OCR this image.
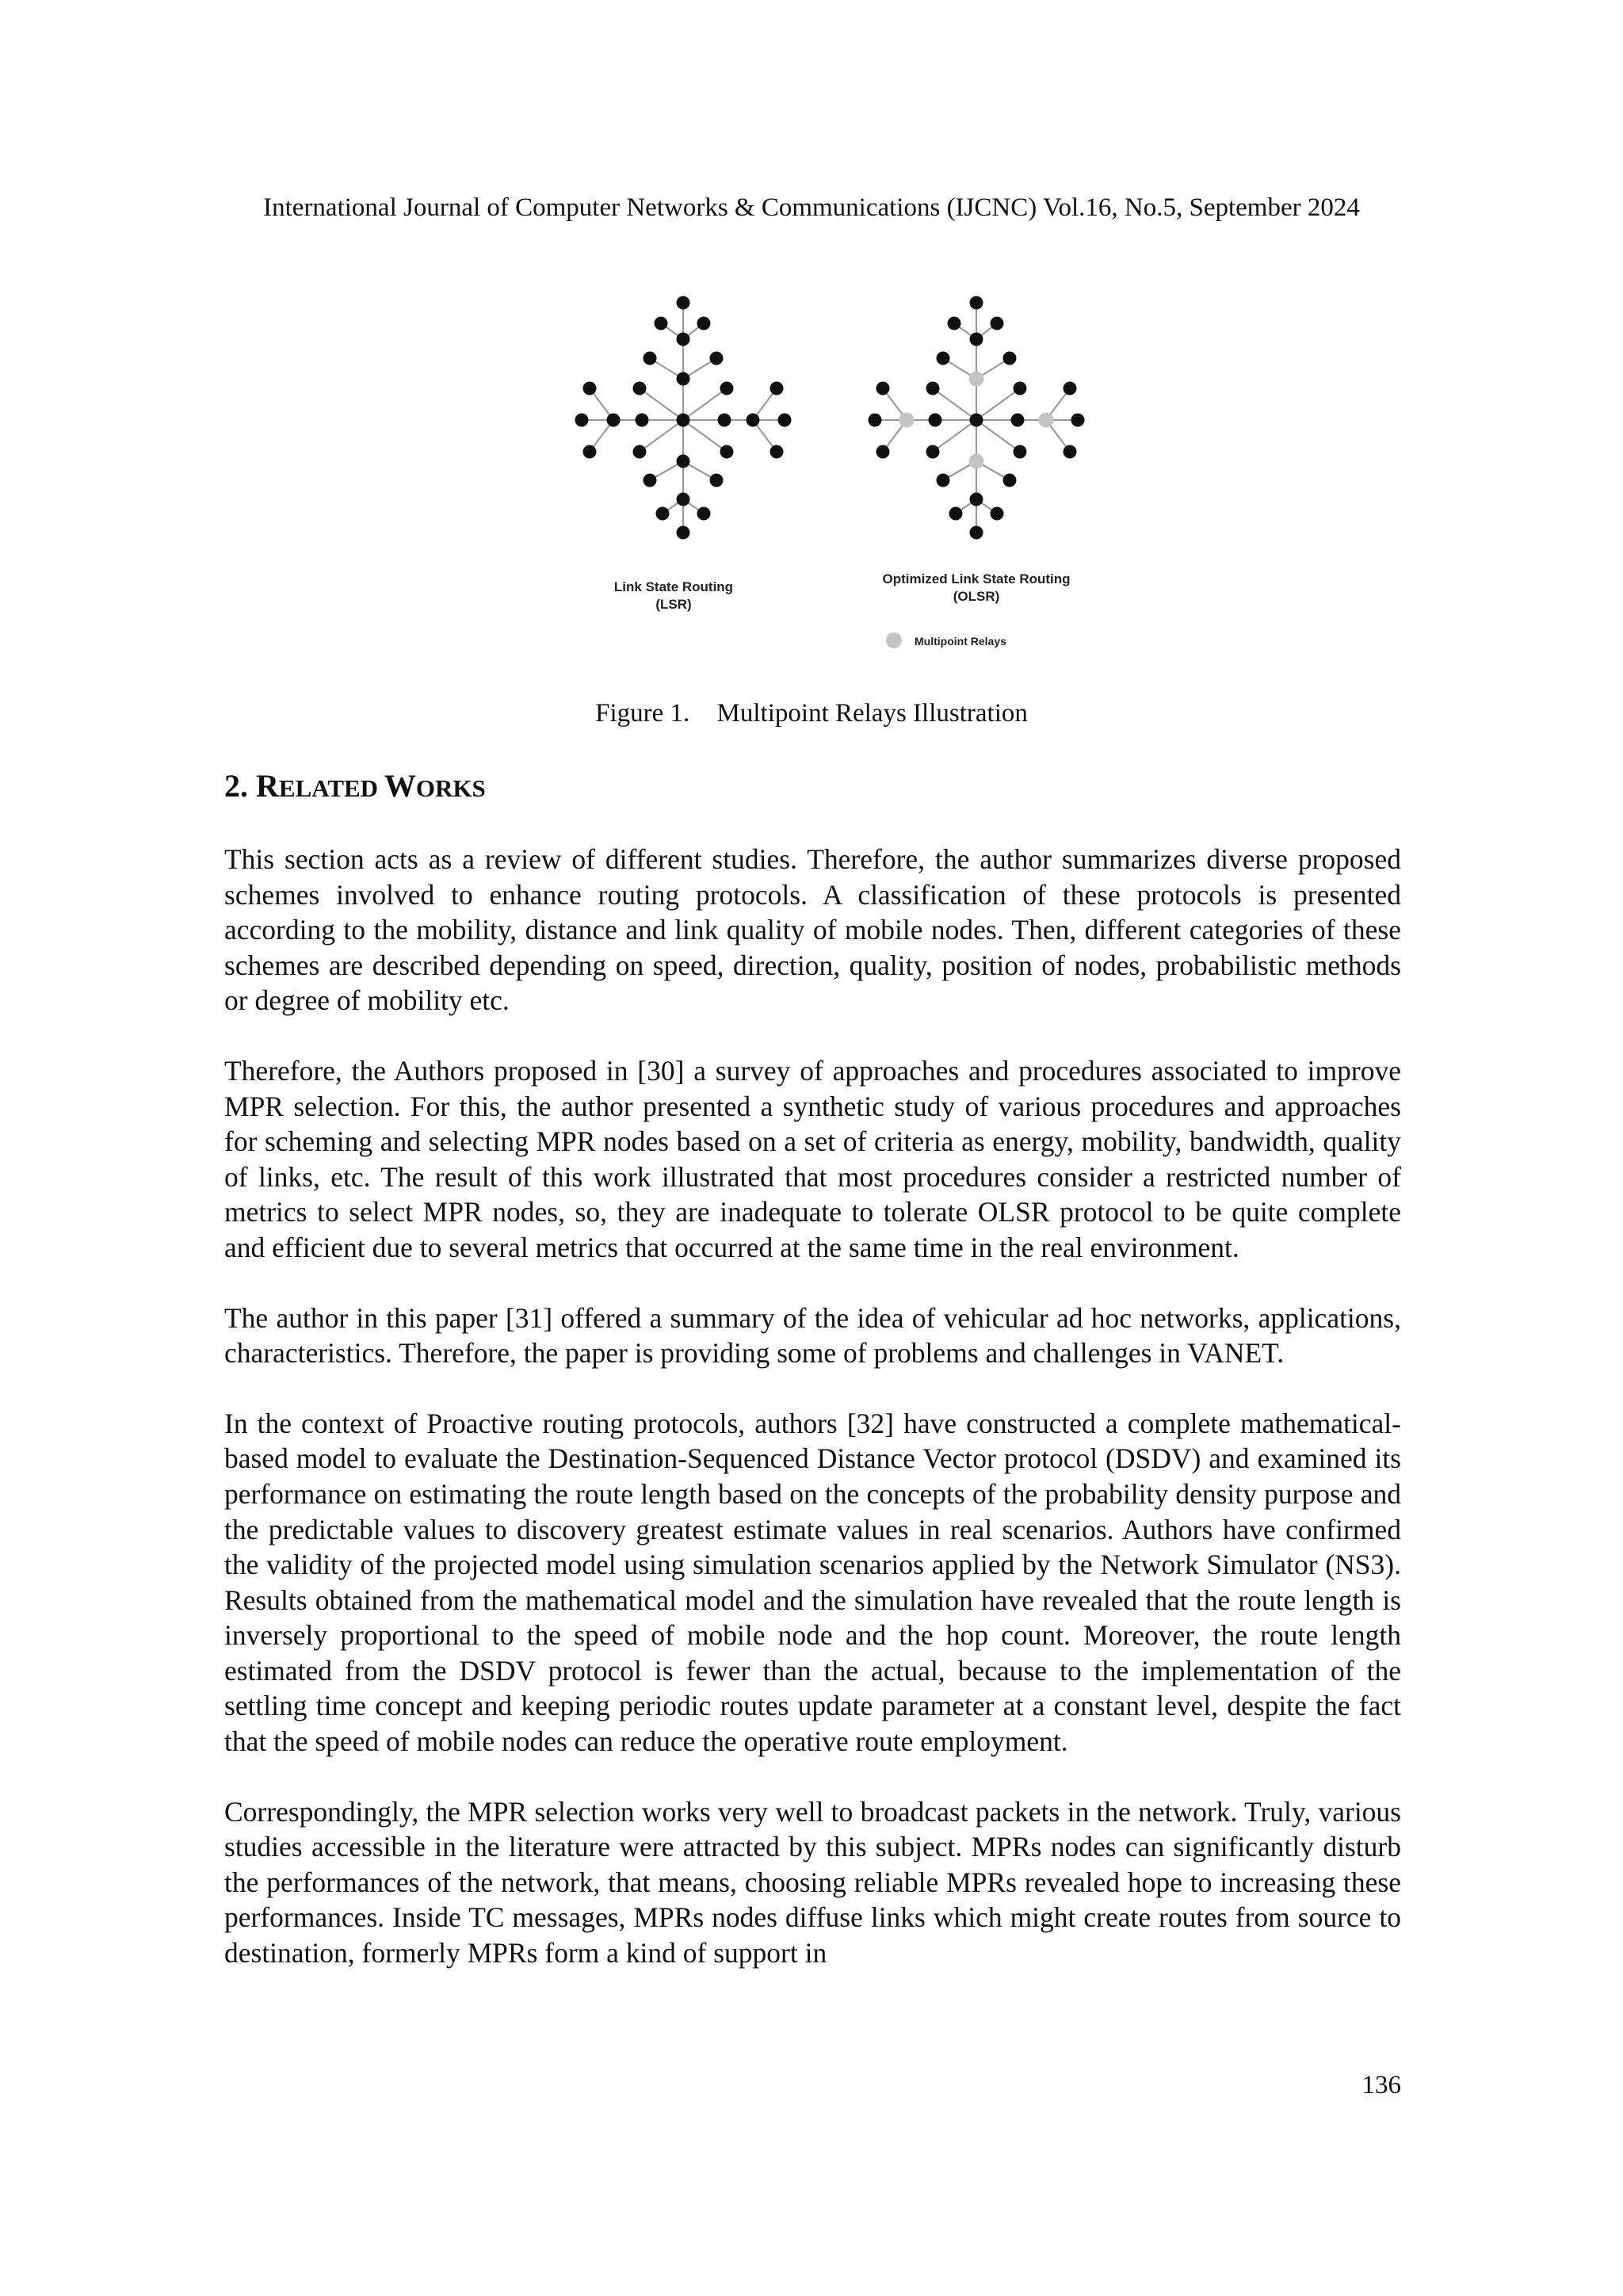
International Journal of Computer Networks & Communications (IJCNC) Vol.16, No.5, September 2024
Link State Routing
(LSR)
Optimized Link State Routing
(OLSR)
Multipoint Relays
Figure 1. Multipoint Relays Illustration
2. RELATED WORKS

This section acts as a review of different studies. Therefore, the author summarizes diverse proposed schemes involved to enhance routing protocols. A classification of these protocols is presented according to the mobility, distance and link quality of mobile nodes. Then, different categories of these schemes are described depending on speed, direction, quality, position of nodes, probabilistic methods or degree of mobility etc.

Therefore, the Authors proposed in [30] a survey of approaches and procedures associated to improve MPR selection. For this, the author presented a synthetic study of various procedures and approaches for scheming and selecting MPR nodes based on a set of criteria as energy, mobility, bandwidth, quality of links, etc. The result of this work illustrated that most procedures consider a restricted number of metrics to select MPR nodes, so, they are inadequate to tolerate OLSR protocol to be quite complete and efficient due to several metrics that occurred at the same time in the real environment.

The author in this paper [31] offered a summary of the idea of vehicular ad hoc networks, applications, characteristics. Therefore, the paper is providing some of problems and challenges in VANET.

In the context of Proactive routing protocols, authors [32] have constructed a complete mathematical-based model to evaluate the Destination-Sequenced Distance Vector protocol (DSDV) and examined its performance on estimating the route length based on the concepts of the probability density purpose and the predictable values to discovery greatest estimate values in real scenarios. Authors have confirmed the validity of the projected model using simulation scenarios applied by the Network Simulator (NS3). Results obtained from the mathematical model and the simulation have revealed that the route length is inversely proportional to the speed of mobile node and the hop count. Moreover, the route length estimated from the DSDV protocol is fewer than the actual, because to the implementation of the settling time concept and keeping periodic routes update parameter at a constant level, despite the fact that the speed of mobile nodes can reduce the operative route employment.

Correspondingly, the MPR selection works very well to broadcast packets in the network. Truly, various studies accessible in the literature were attracted by this subject. MPRs nodes can significantly disturb the performances of the network, that means, choosing reliable MPRs revealed hope to increasing these performances. Inside TC messages, MPRs nodes diffuse links which might create routes from source to destination, formerly MPRs form a kind of support in

136
